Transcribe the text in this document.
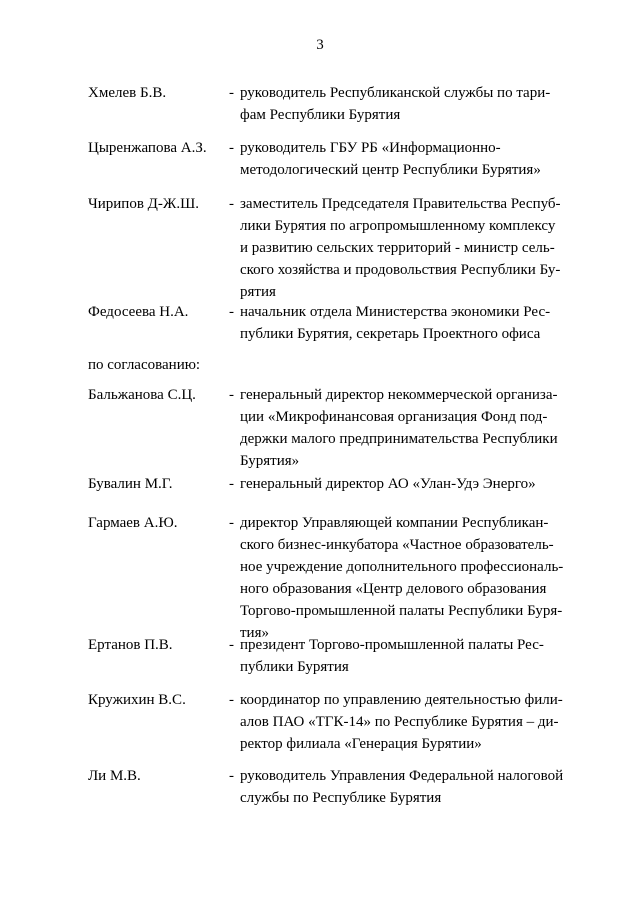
3
Хмелев Б.В.	- руководитель Республиканской службы по тари-
фам Республики Бурятия
Цыренжапова А.З.	- руководитель ГБУ РБ «Информационно-
методологический центр Республики Бурятия»
Чирипов Д-Ж.Ш.	- заместитель Председателя Правительства Респуб-
лики Бурятия по агропромышленному комплексу
и развитию сельских территорий - министр сель-
ского хозяйства и продовольствия Республики Бу-
рятия
Федосеева Н.А.	- начальник отдела Министерства экономики Рес-
публики Бурятия, секретарь Проектного офиса
по согласованию:
Бальжанова С.Ц.	- генеральный директор некоммерческой организа-
ции «Микрофинансовая организация Фонд под-
держки малого предпринимательства Республики
Бурятия»
Бувалин М.Г.	- генеральный директор АО «Улан-Удэ Энерго»
Гармаев А.Ю.	- директор Управляющей компании Республикан-
ского бизнес-инкубатора «Частное образователь-
ное учреждение дополнительного профессиональ-
ного образования «Центр делового образования
Торгово-промышленной палаты Республики Буря-
тия»
Ертанов П.В.	- президент Торгово-промышленной палаты Рес-
публики Бурятия
Кружихин В.С.	- координатор по управлению деятельностью фили-
алов ПАО «ТГК-14» по Республике Бурятия – ди-
ректор филиала «Генерация Бурятии»
Ли М.В.	- руководитель Управления Федеральной налоговой
службы по Республике Бурятия
